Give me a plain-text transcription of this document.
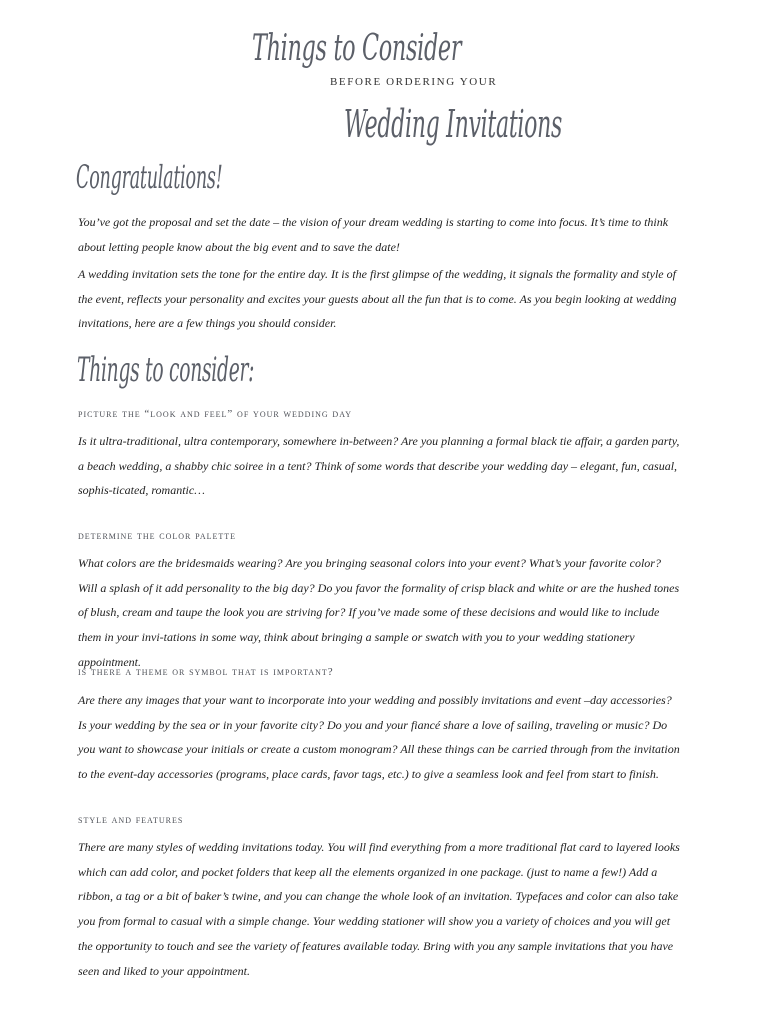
Things to Consider
BEFORE ORDERING YOUR
Wedding Invitations
Congratulations!

You’ve got the proposal and set the date – the vision of your dream wedding is starting to come into focus. It’s time to think about letting people know about the big event and to save the date!

A wedding invitation sets the tone for the entire day. It is the first glimpse of the wedding, it signals the formality and style of the event, reflects your personality and excites your guests about all the fun that is to come. As you begin looking at wedding invitations, here are a few things you should consider.

Things to consider:

picture the “look and feel” of your wedding day

Is it ultra-traditional, ultra contemporary, somewhere in-between? Are you planning a formal black tie affair, a garden party, a beach wedding, a shabby chic soiree in a tent? Think of some words that describe your wedding day – elegant, fun, casual, sophis-ticated, romantic…

determine the color palette

What colors are the bridesmaids wearing? Are you bringing seasonal colors into your event? What’s your favorite color? Will a splash of it add personality to the big day? Do you favor the formality of crisp black and white or are the hushed tones of blush, cream and taupe the look you are striving for? If you’ve made some of these decisions and would like to include them in your invi-tations in some way, think about bringing a sample or swatch with you to your wedding stationery appointment.

is there a theme or symbol that is important?

Are there any images that your want to incorporate into your wedding and possibly invitations and event –day accessories? Is your wedding by the sea or in your favorite city? Do you and your fiancé share a love of sailing, traveling or music? Do you want to showcase your initials or create a custom monogram? All these things can be carried through from the invitation to the event-day accessories (programs, place cards, favor tags, etc.) to give a seamless look and feel from start to finish.

style and features

There are many styles of wedding invitations today. You will find everything from a more traditional flat card to layered looks which can add color, and pocket folders that keep all the elements organized in one package. (just to name a few!) Add a ribbon, a tag or a bit of baker’s twine, and you can change the whole look of an invitation. Typefaces and color can also take you from formal to casual with a simple change. Your wedding stationer will show you a variety of choices and you will get the opportunity to touch and see the variety of features available today. Bring with you any sample invitations that you have seen and liked to your appointment.
